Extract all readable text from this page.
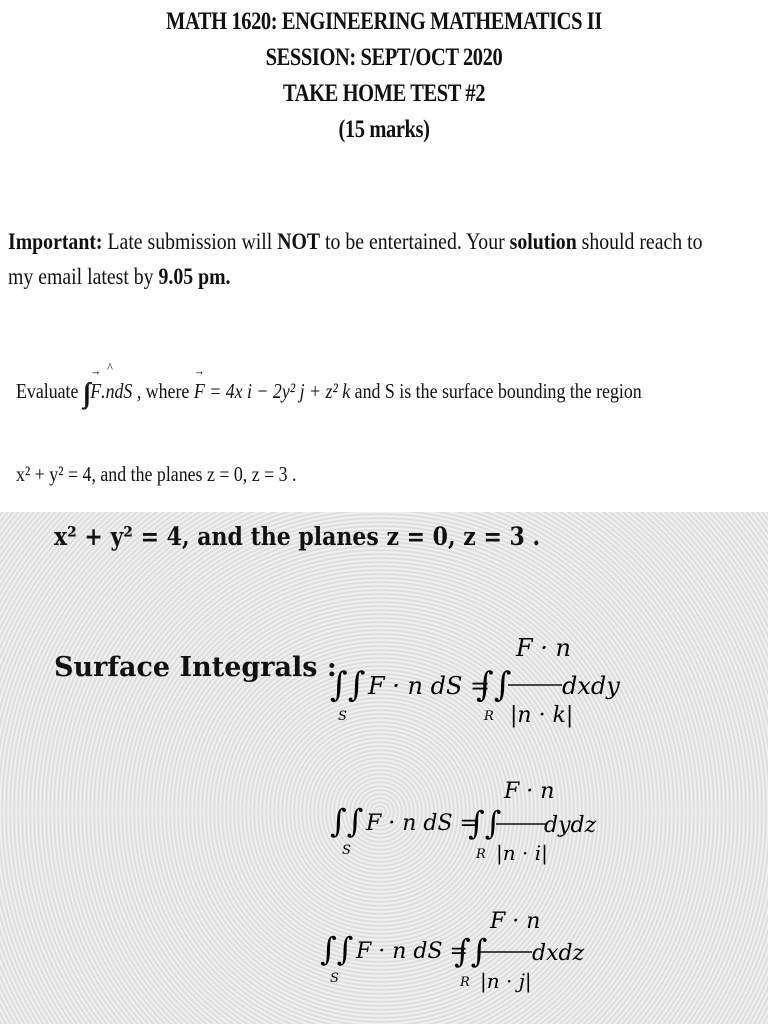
MATH 1620: ENGINEERING MATHEMATICS II
SESSION: SEPT/OCT 2020
TAKE HOME TEST #2
(15 marks)
Important: Late submission will NOT to be entertained. Your solution should reach to
my email latest by 9.05 pm.
Evaluate ∫∫ → F.^ ndS , where → F = 4x i − 2y² j + z² k and S is the surface bounding the region
x² + y² = 4, and the planes z = 0, z = 3 .
x² + y² = 4, and the planes z = 0, z = 3 .
Surface Integrals :
∫∫
S
F · n dS =
∫∫
R
F · n
|n · k|
dxdy
∫∫
S
F · n dS =
∫∫
R
F · n
|n · i|
dydz
∫∫
S
F · n dS =
∫∫
R
F · n
|n · j|
dxdz
